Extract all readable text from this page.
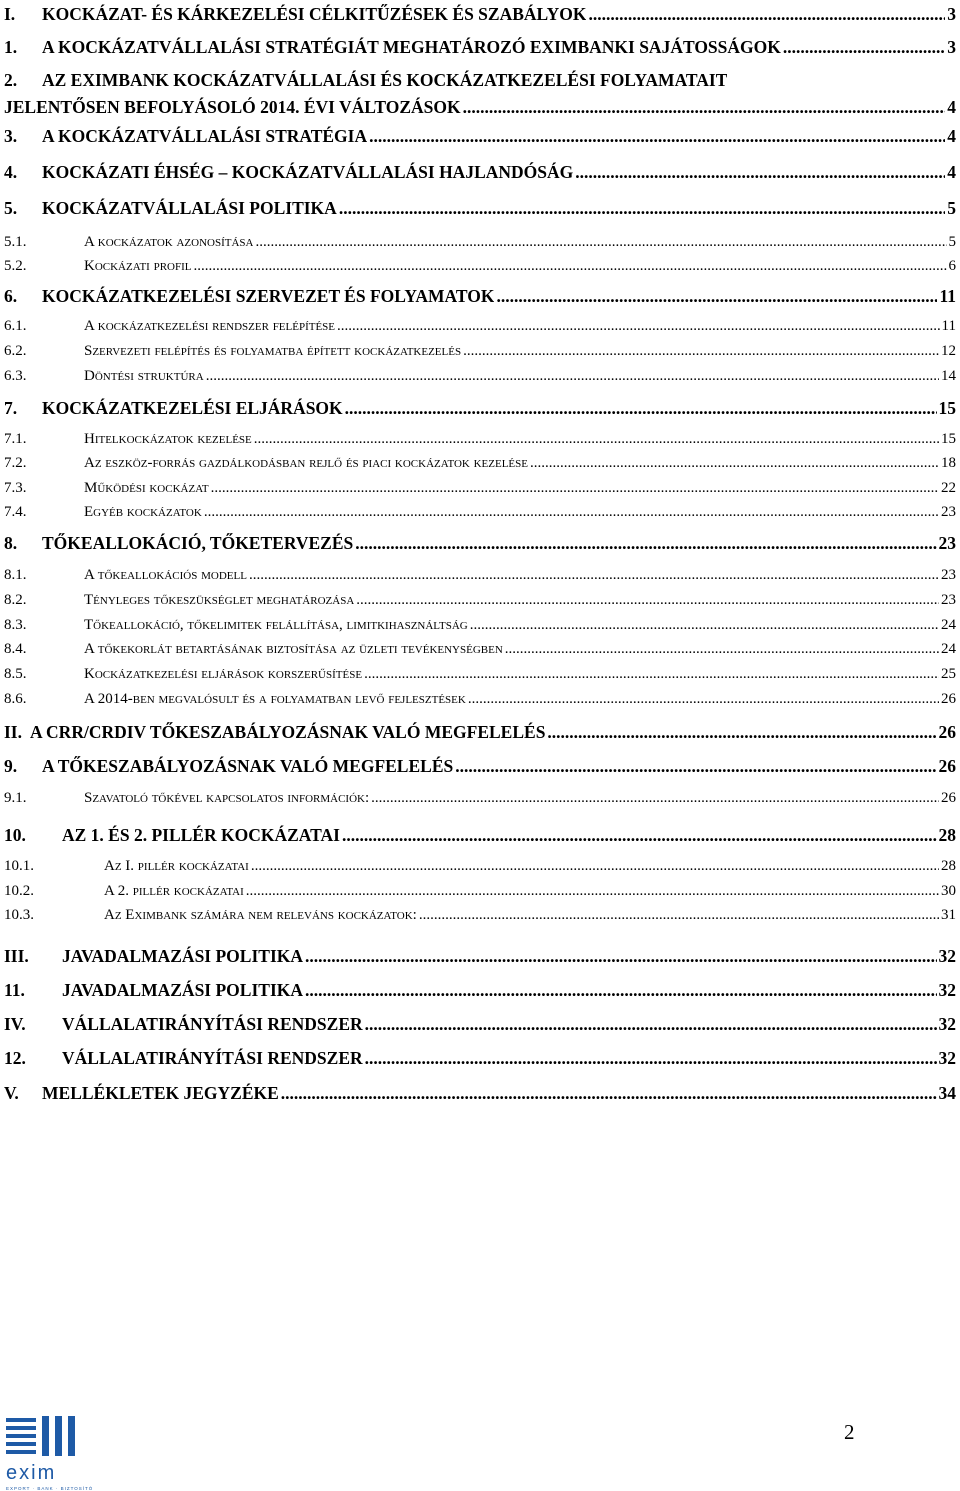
I.	KOCKÁZAT- ÉS KÁRKEZELÉSI CÉLKITŰZÉSEK ÉS SZABÁLYOK .....	3
1.	A KOCKÁZATVÁLLALÁSI STRATÉGIÁT MEGHATÁROZÓ EXIMBANKI SAJÁTOSSÁGOK .....	3
2.	AZ EXIMBANK KOCKÁZATVÁLLALÁSI ÉS KOCKÁZATKEZELÉSI FOLYAMATAIT
JELENTŐSEN BEFOLYÁSOLÓ 2014. ÉVI VÁLTOZÁSOK .....	4
3.	A KOCKÁZATVÁLLALÁSI STRATÉGIA .....	4
4.	KOCKÁZATI ÉHSÉG – KOCKÁZATVÁLLALÁSI HAJLANDÓSÁG .....	4
5.	KOCKÁZATVÁLLALÁSI POLITIKA .....	5
5.1.	A kockázatok azonosítása .....	5
5.2.	Kockázati profil .....	6
6.	KOCKÁZATKEZELÉSI SZERVEZET ÉS FOLYAMATOK .....	11
6.1.	A kockázatkezelési rendszer felépítése .....	11
6.2.	Szervezeti felépítés és folyamatba épített kockázatkezelés .....	12
6.3.	Döntési struktúra .....	14
7.	KOCKÁZATKEZELÉSI ELJÁRÁSOK .....	15
7.1.	Hitelkockázatok kezelése .....	15
7.2.	Az eszköz-forrás gazdálkodásban rejlő és piaci kockázatok kezelése .....	18
7.3.	Működési kockázat .....	22
7.4.	Egyéb kockázatok .....	23
8.	TŐKEALLOKÁCIÓ, TŐKETERVEZÉS .....	23
8.1.	A tőkeallokációs modell .....	23
8.2.	Tényleges tőkeszükséglet meghatározása .....	23
8.3.	Tőkeallokáció, tőkelimitek felállítása, limitkihasználtság .....	24
8.4.	A tőkekorlát betartásának biztosítása az üzleti tevékenységben .....	24
8.5.	Kockázatkezelési eljárások korszerűsítése .....	25
8.6.	A 2014-ben megvalósult és a folyamatban levő fejlesztések .....	26
II. A CRR/CRDIV TŐKESZABÁLYOZÁSNAK VALÓ MEGFELELÉS .....	26
9.	A TŐKESZABÁLYOZÁSNAK VALÓ MEGFELELÉS .....	26
9.1.	Szavatoló tőkével kapcsolatos információk: .....	26
10.	AZ 1. ÉS 2. PILLÉR KOCKÁZATAI .....	28
10.1.	Az I. pillér kockázatai .....	28
10.2.	A 2. pillér kockázatai .....	30
10.3.	Az Eximbank számára nem releváns kockázatok: .....	31
III.	JAVADALMAZÁSI POLITIKA .....	32
11.	JAVADALMAZÁSI POLITIKA .....	32
IV.	VÁLLALATIRÁNYÍTÁSI RENDSZER .....	32
12.	VÁLLALATIRÁNYÍTÁSI RENDSZER .....	32
V.	MELLÉKLETEK JEGYZÉKE .....	34
2
exim
EXPORT · BANK · BIZTOSÍTÓ
